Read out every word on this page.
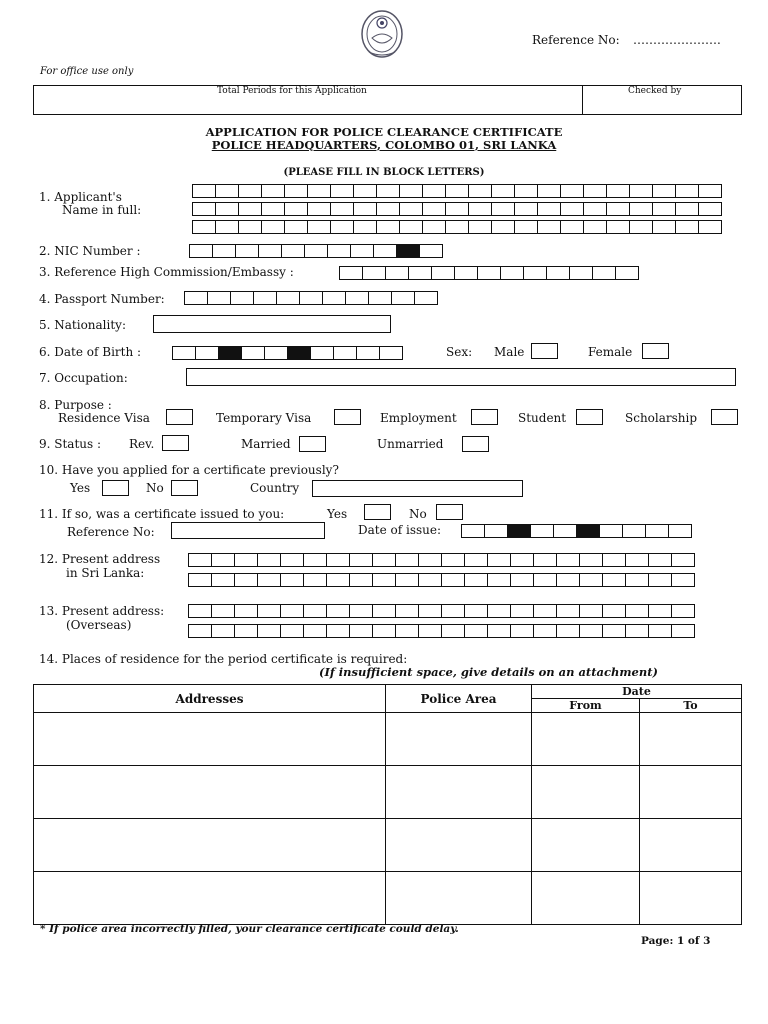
Reference No: ………………….
For office use only
Total Periods for this Application	Checked by
APPLICATION FOR POLICE CLEARANCE CERTIFICATE
POLICE HEADQUARTERS, COLOMBO 01, SRI LANKA
(PLEASE FILL IN BLOCK LETTERS)
1. Applicant's
Name in full:
2. NIC Number :
3. Reference High Commission/Embassy :
4. Passport Number:
5. Nationality:
6. Date of Birth :	Sex: Male	Female
7. Occupation:
8. Purpose :
Residence Visa	Temporary Visa	Employment	Student	Scholarship
9. Status : Rev.	Married	Unmarried
10. Have you applied for a certificate previously?
Yes	No	Country
11. If so, was a certificate issued to you:	Yes	No
Reference No:	Date of issue:
12. Present address
in Sri Lanka:
13. Present address:
(Overseas)
14. Places of residence for the period certificate is required:
(If insufficient space, give details on an attachment)
Addresses	Police Area	Date	
		From	To

* If police area incorrectly filled, your clearance certificate could delay.
Page: 1 of 3
